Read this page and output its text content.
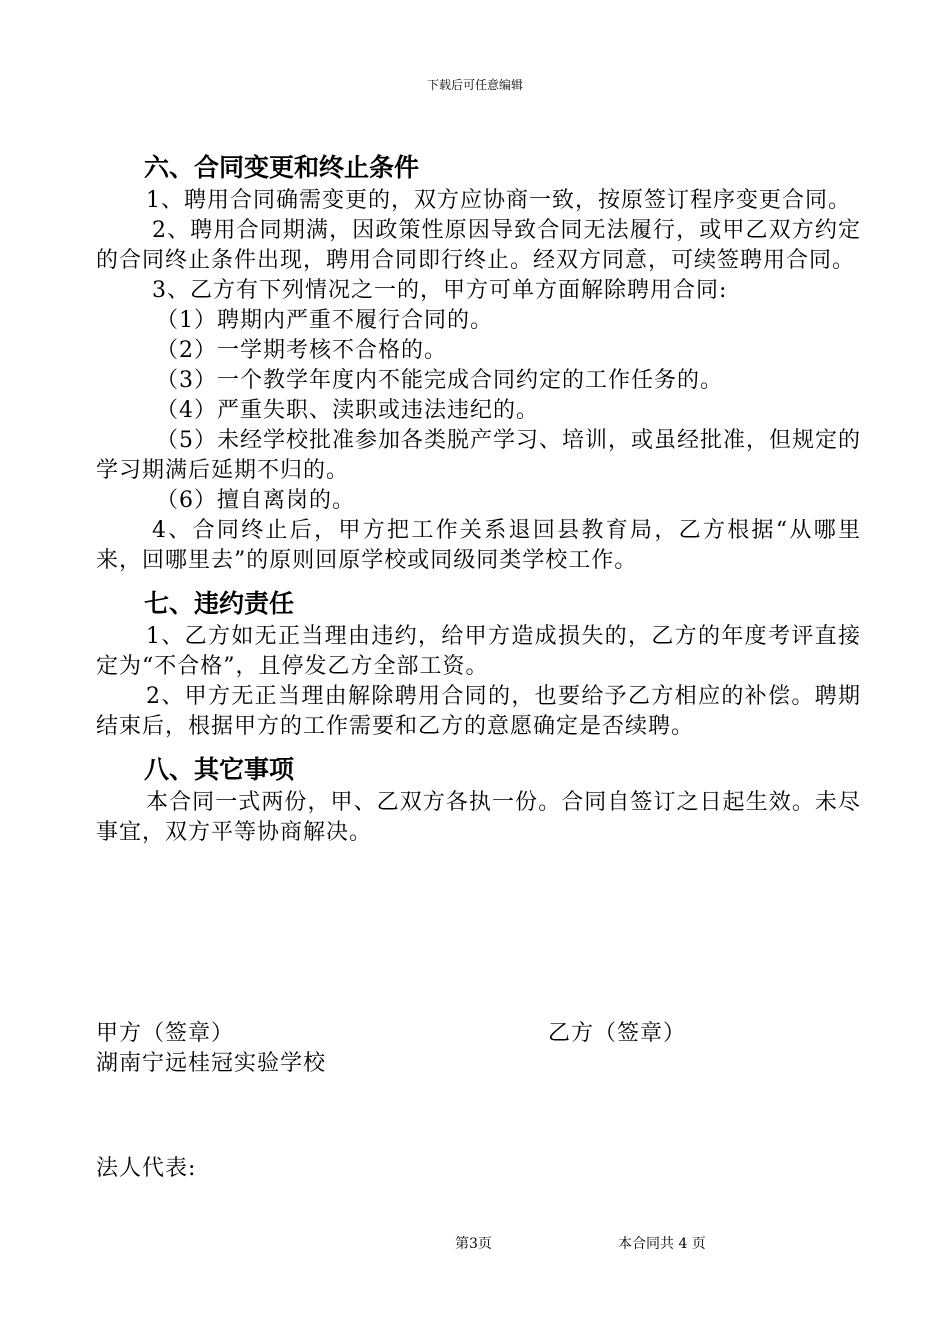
下载后可任意编辑
六、合同变更和终止条件

1、聘用合同确需变更的，双方应协商一致，按原签订程序变更合同。

2、聘用合同期满，因政策性原因导致合同无法履行，或甲乙双方约定的合同终止条件出现，聘用合同即行终止。经双方同意，可续签聘用合同。

3、乙方有下列情况之一的，甲方可单方面解除聘用合同:

（1）聘期内严重不履行合同的。

（2）一学期考核不合格的。

（3）一个教学年度内不能完成合同约定的工作任务的。

（4）严重失职、渎职或违法违纪的。

（5）未经学校批准参加各类脱产学习、培训，或虽经批准，但规定的学习期满后延期不归的。

（6）擅自离岗的。

4、合同终止后，甲方把工作关系退回县教育局，乙方根据“从哪里来，回哪里去”的原则回原学校或同级同类学校工作。

七、违约责任

1、乙方如无正当理由违约，给甲方造成损失的，乙方的年度考评直接定为“不合格”，且停发乙方全部工资。

2、甲方无正当理由解除聘用合同的，也要给予乙方相应的补偿。聘期结束后，根据甲方的工作需要和乙方的意愿确定是否续聘。

八、其它事项

本合同一式两份，甲、乙双方各执一份。合同自签订之日起生效。未尽事宜，双方平等协商解决。

甲方（签章）	乙方（签章）
湖南宁远桂冠实验学校
法人代表:
第3页	本合同共 4 页
